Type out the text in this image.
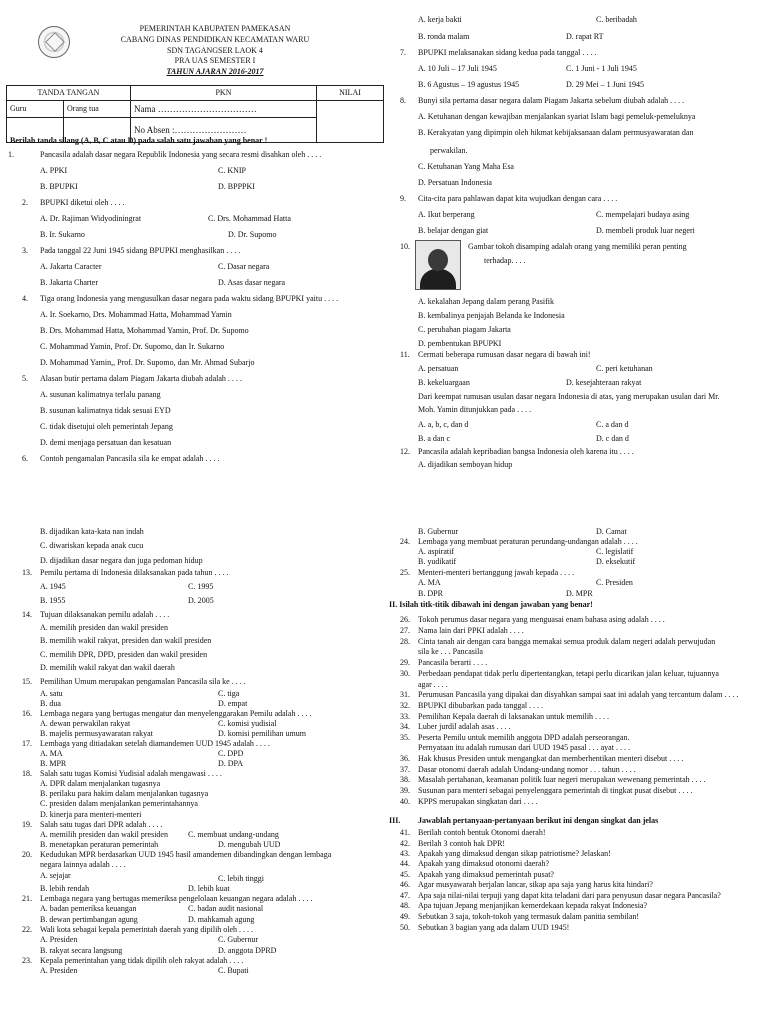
PEMERINTAH KABUPATEN PAMEKASAN
CABANG DINAS PENDIDIKAN KECAMATAN WARU
SDN TAGANGSER LAOK 4
PRA UAS SEMESTER I
TAHUN AJARAN 2016-2017
TANDA TANGAN		PKN	NILAI
Guru	Orang tua	Nama ……………………………	
		No Absen :……………………	
. Berilah tanda silang (A, B, C atau D) pada salah satu jawaban yang benar !
II. Isilah titk-titik dibawah ini dengan jawaban yang benar!
III. Jawablah pertanyaan-pertanyaan berikut ini dengan singkat dan jelas
1.	Pancasila adalah dasar negara Republik Indonesia yang secara resmi disahkan oleh . . . .
A. PPKI	C. KNIP
B. BPUPKI	D. BPPPKI
2. BPUPKI diketui oleh . . . .
A. Dr. Rajiman Widyodiningrat	C. Drs. Mohammad Hatta
B. Ir. Sukarno	D. Dr. Supomo
3. Pada tanggal 22 Juni 1945 sidang BPUPKI menghasilkan . . . .
A. Jakarta Caracter	C. Dasar negara
B. Jakarta Charter	D. Asas dasar negara
4. Tiga orang Indonesia yang mengusulkan dasar negara pada waktu sidang BPUPKI yaitu . . . .
A. Ir. Soekarno, Drs. Mohammad Hatta, Mohammad Yamin
B. Drs. Mohammad Hatta, Mohammad Yamin, Prof. Dr. Supomo
C. Mohammad Yamin, Prof. Dr. Supomo, dan Ir. Sukarno
D. Mohammad Yamin,, Prof. Dr. Supomo, dan Mr. Ahmad Subarjo
5. Alasan butir pertama dalam Piagam Jakarta diubah adalah . . . .
A. susunan kalimatnya terlalu panang
B. susunan kalimatnya tidak sesuai EYD
C. tidak disetujui oleh pemerintah Jepang
D. demi menjaga persatuan dan kesatuan
6. Contoh pengamalan Pancasila sila ke empat adalah . . . .
A. kerja bakti	C. beribadah
B. ronda malam	D. rapat RT
7. BPUPKI melaksanakan sidang kedua pada tanggal . . . .
A. 10 Juli – 17 Juli 1945	C. 1 Juni - 1 Juli 1945
B. 6 Agustus – 19 agustus 1945	D. 29 Mei – 1 Juni 1945
8. Bunyi sila pertama dasar negara dalam Piagam Jakarta sebelum diubah adalah . . . .
A. Ketuhanan dengan kewajiban menjalankan syariat Islam bagi pemeluk-pemeluknya
B. Kerakyatan yang dipimpin oleh hikmat kebijaksanaan dalam permusyawaratan dan
perwakilan.
C. Ketuhanan Yang Maha Esa
D. Persatuan Indonesia
9. Cita-cita para pahlawan dapat kita wujudkan dengan cara . . . .
A. Ikut berperang	C. mempelajari budaya asing
B. belajar dengan giat	D. membeli produk luar negeri
10.	Gambar tokoh disamping adalah orang yang memiliki peran penting
terhadap. . . .
A. kekalahan Jepang dalam perang Pasifik
B. kembalinya penjajah Belanda ke Indonesia
C. perubahan piagam Jakarta
D. pembentukan BPUPKI
11. Cermati beberapa rumusan dasar negara di bawah ini!
A. persatuan	C. peri ketuhanan
B. kekeluargaan	D. kesejahteraan rakyat
Dari keempat rumusan usulan dasar negara Indonesia di atas, yang merupakan usulan dari Mr.
Moh. Yamin ditunjukkan pada . . . .
A. a, b, c, dan d	C. a dan d
B. a dan c	D. c dan d
12. Pancasila adalah kepribadian bangsa Indonesia oleh karena itu . . . .
A. dijadikan semboyan hidup
B. dijadikan kata-kata nan indah
C. diwariskan kepada anak cucu
D. dijadikan dasar negara dan juga pedoman hidup
13. Pemilu pertama di Indonesia dilaksanakan pada tahun . . . .
A. 1945	C. 1995
B. 1955	D. 2005
14. Tujuan dilaksanakan pemilu adalah . . . .
A. memilih presiden dan wakil presiden
B. memilih wakil rakyat, presiden dan wakil presiden
C. memilih DPR, DPD, presiden dan wakil presiden
D. memilih wakil rakyat dan wakil daerah
15. Pemilihan Umum merupakan pengamalan Pancasila sila ke . . . .
A. satu	C. tiga
B. dua	D. empat
16. Lembaga negara yang bertugas mengatur dan menyelenggarakan Pemilu adalah . . . .
A. dewan perwakilan rakyat	C. komisi yudisial
B. majelis permusyawaratan rakyat	D. komisi pemilihan umum
17. Lembaga yang ditiadakan setelah diamandemen UUD 1945 adalah . . . .
A. MA	C. DPD
B. MPR	D. DPA
18. Salah satu tugas Komisi Yudisial adalah mengawasi . . . .
A. DPR dalam menjalankan tugasnya
B. perilaku para hakim dalam menjalankan tugasnya
C. presiden dalam menjalankan pemerintahannya
D. kinerja para menteri-menteri
19. Salah satu tugas dari DPR adalah . . . .
A. memilih presiden dan wakil presiden	C. membuat undang-undang
B. menetapkan peraturan pemerintah	D. mengubah UUD
20. Kedudukan MPR berdasarkan UUD 1945 hasil amandemen dibandingkan dengan lembaga
negara lainnya adalah . . . .
A. sejajar	C. lebih tinggi
B. lebih rendah	D. lebih kuat
21. Lembaga negara yang bertugas memeriksa pengelolaan keuangan negara adalah . . . .
A. badan pemeriksa keuangan	C. badan audit nasional
B. dewan pertimbangan agung	D. mahkamah agung
22. Wali kota sebagai kepala pemerintah daerah yang dipilih oleh . . . .
A. Presiden	C. Gubernur
B. rakyat secara langsung	D. anggota DPRD
23. Kepala pemerintahan yang tidak dipilih oleh rakyat adalah . . . .
A. Presiden	C. Bupati
B. Gubernur	D. Camat
24. Lembaga yang membuat peraturan perundang-undangan adalah . . . .
A. aspiratif	C. legislatif
B. yudikatif	D. eksekutif
25. Menteri-menteri bertanggung jawab kepada . . . .
A. MA	C. Presiden
B. DPR	D. MPR
26. Tokoh perumus dasar negara yang menguasai enam bahasa asing adalah . . . .
27. Nama lain dari PPKI adalah . . . .
28. Cinta tanah air dengan cara bangga memakai semua produk dalam negeri adalah perwujudan
sila ke . . . Pancasila
29. Pancasila berarti . . . .
30. Perbedaan pendapat tidak perlu dipertentangkan, tetapi perlu dicarikan jalan keluar, tujuannya
agar . . . .
31. Perumusan Pancasila yang dipakai dan disyahkan sampai saat ini adalah yang tercantum dalam . . . .
32. BPUPKI dibubarkan pada tanggal . . . .
33. Pemilihan Kepala daerah di laksanakan untuk memilih . . . .
34. Luber jurdil adalah asas . . . .
35. Peserta Pemilu untuk memilih anggota DPD adalah perseorangan.
Pernyataan itu adalah rumusan dari UUD 1945 pasal . . . ayat . . . .
36. Hak khusus Presiden untuk mengangkat dan memberhentikan menteri disebut . . . .
37. Dasar otonomi daerah adalah Undang-undang nomor . . . tahun . . . .
38. Masalah pertahanan, keamanan politik luar negeri merupakan wewenang pemerintah . . . .
39. Susunan para menteri sebagai penyelenggara pemerintah di tingkat pusat disebut . . . .
40. KPPS merupakan singkatan dari . . . .
41. Berilah contoh bentuk Otonomi daerah!
42. Berilah 3 contoh hak DPR!
43. Apakah yang dimaksud dengan sikap patriotisme? Jelaskan!
44. Apakah yang dimaksud otonomi daerah?
45. Apakah yang dimaksud pemerintah pusat?
46. Agar musyawarah berjalan lancar, sikap apa saja yang harus kita hindari?
47. Apa saja nilai-nilai terpuji yang dapat kita teladani dari para penyusun dasar negara Pancasila?
48. Apa tujuan Jepang menjanjikan kemerdekaan kepada rakyat Indonesia?
49. Sebutkan 3 saja, tokoh-tokoh yang termasuk dalam panitia sembilan!
50. Sebutkan 3 bagian yang ada dalam UUD 1945!
